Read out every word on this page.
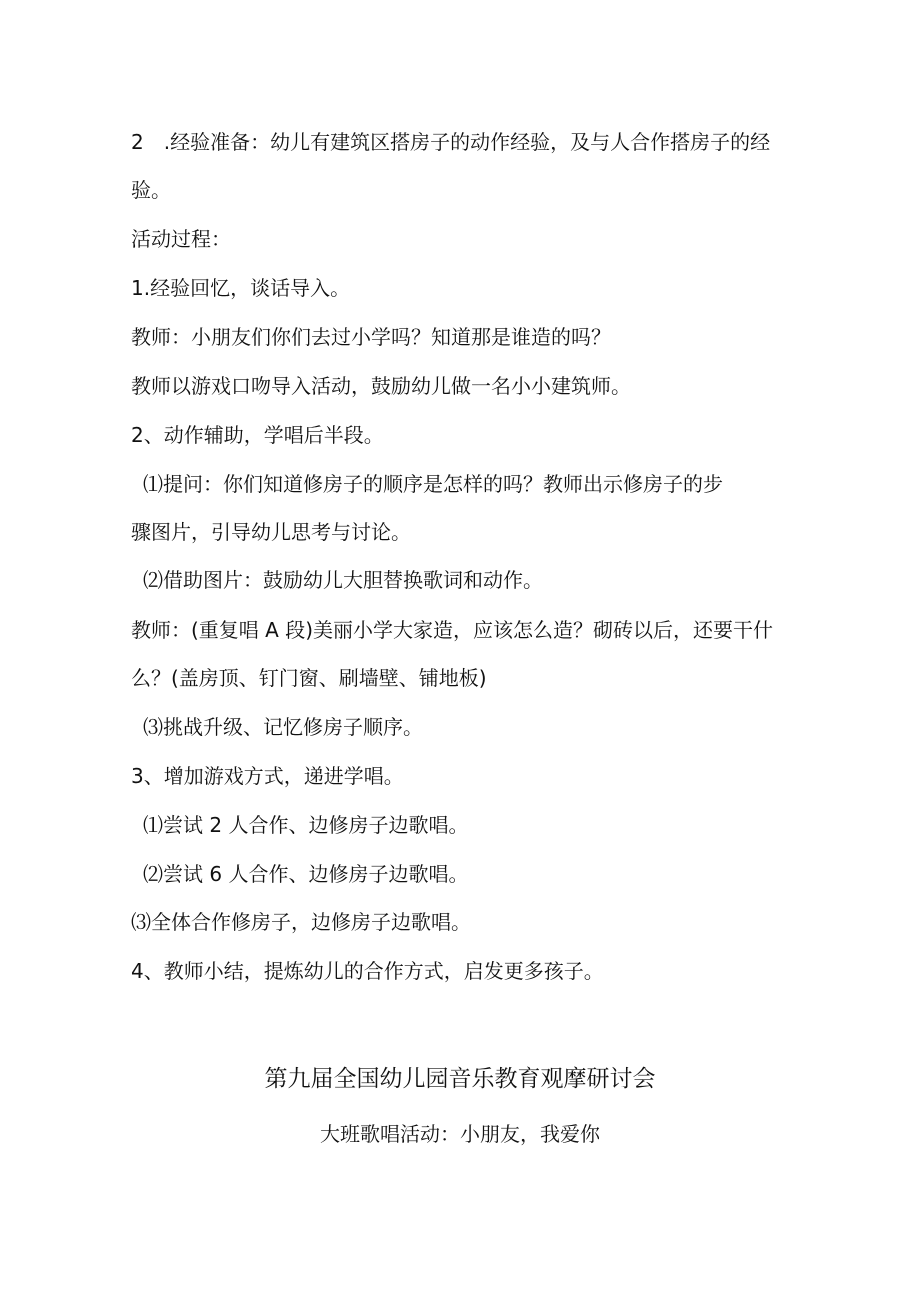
2　.经验准备：幼儿有建筑区搭房子的动作经验，及与人合作搭房子的经
验。
活动过程：
1.经验回忆，谈话导入。
教师：小朋友们你们去过小学吗？知道那是谁造的吗？
教师以游戏口吻导入活动，鼓励幼儿做一名小小建筑师。
2、动作辅助，学唱后半段。
⑴提问：你们知道修房子的顺序是怎样的吗？教师出示修房子的步
骤图片，引导幼儿思考与讨论。
⑵借助图片：鼓励幼儿大胆替换歌词和动作。
教师：(重复唱 A 段)美丽小学大家造，应该怎么造？砌砖以后，还要干什
么？(盖房顶、钉门窗、刷墙壁、铺地板)
⑶挑战升级、记忆修房子顺序。
3、增加游戏方式，递进学唱。
⑴尝试 2 人合作、边修房子边歌唱。
⑵尝试 6 人合作、边修房子边歌唱。
⑶全体合作修房子，边修房子边歌唱。
4、教师小结，提炼幼儿的合作方式，启发更多孩子。
第九届全国幼儿园音乐教育观摩研讨会
大班歌唱活动：小朋友，我爱你
